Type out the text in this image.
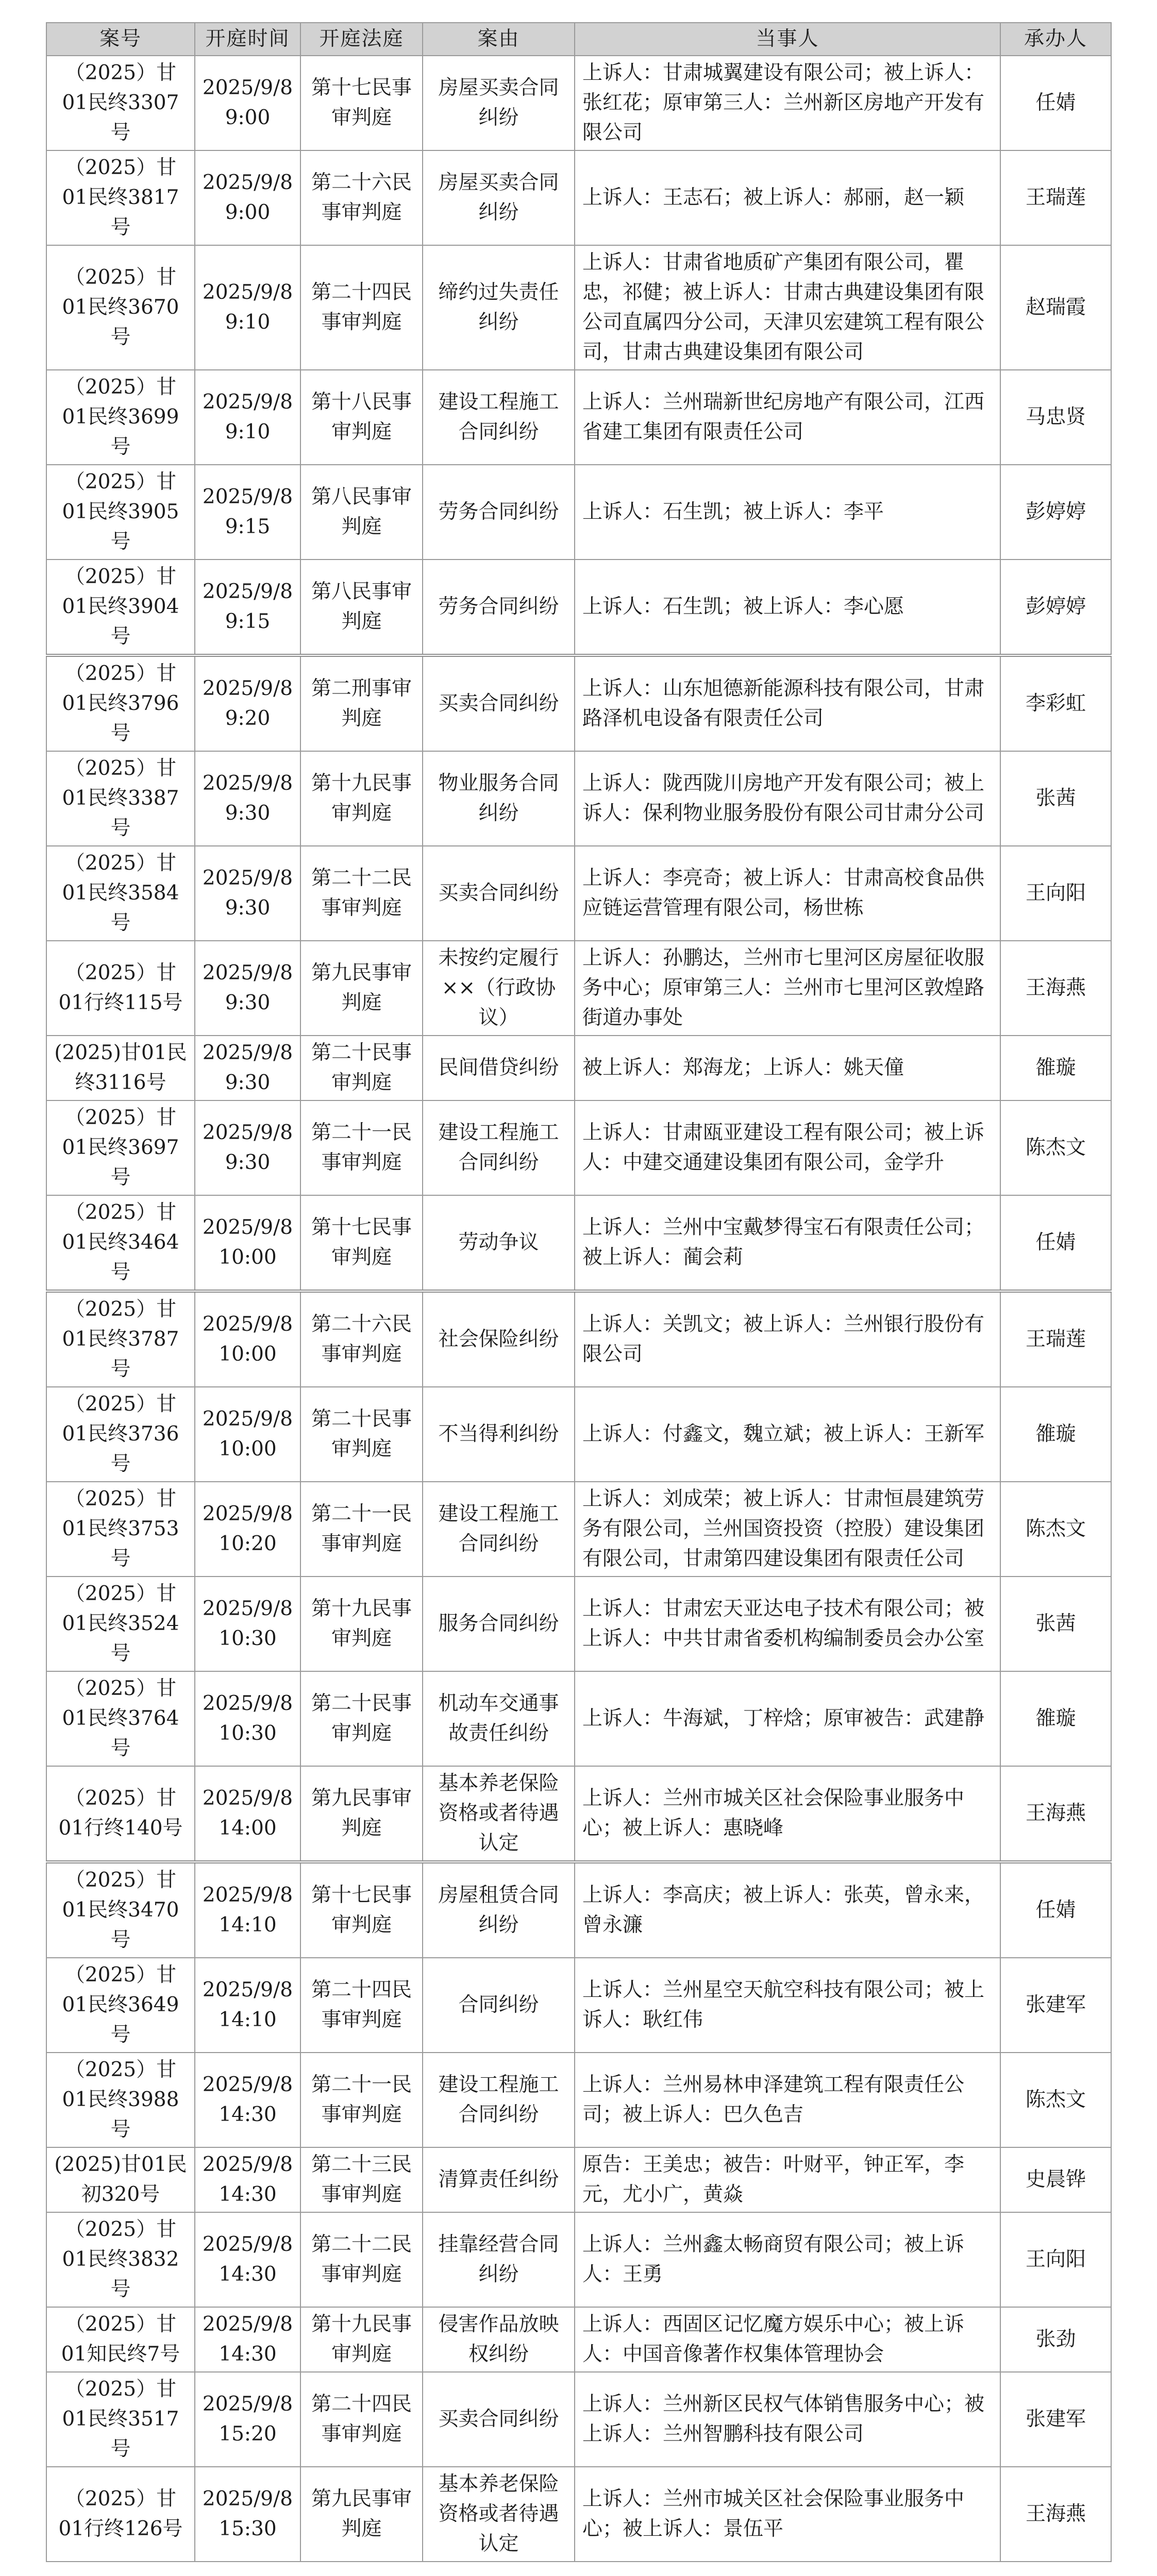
案号	开庭时间	开庭法庭	案由	当事人	承办人
（2025）甘01民终3307号	2025/9/8 9:00	第十七民事审判庭	房屋买卖合同纠纷	上诉人：甘肃城翼建设有限公司；被上诉人：张红花；原审第三人：兰州新区房地产开发有限公司	任婧
（2025）甘01民终3817号	2025/9/8 9:00	第二十六民事审判庭	房屋买卖合同纠纷	上诉人：王志石；被上诉人：郝丽，赵一颖	王瑞莲
（2025）甘01民终3670号	2025/9/8 9:10	第二十四民事审判庭	缔约过失责任纠纷	上诉人：甘肃省地质矿产集团有限公司，瞿忠，祁健；被上诉人：甘肃古典建设集团有限公司直属四分公司，天津贝宏建筑工程有限公司，甘肃古典建设集团有限公司	赵瑞霞
（2025）甘01民终3699号	2025/9/8 9:10	第十八民事审判庭	建设工程施工合同纠纷	上诉人：兰州瑞新世纪房地产有限公司，江西省建工集团有限责任公司	马忠贤
（2025）甘01民终3905号	2025/9/8 9:15	第八民事审判庭	劳务合同纠纷	上诉人：石生凯；被上诉人：李平	彭婷婷
（2025）甘01民终3904号	2025/9/8 9:15	第八民事审判庭	劳务合同纠纷	上诉人：石生凯；被上诉人：李心愿	彭婷婷
（2025）甘01民终3796号	2025/9/8 9:20	第二刑事审判庭	买卖合同纠纷	上诉人：山东旭德新能源科技有限公司，甘肃路泽机电设备有限责任公司	李彩虹
（2025）甘01民终3387号	2025/9/8 9:30	第十九民事审判庭	物业服务合同纠纷	上诉人：陇西陇川房地产开发有限公司；被上诉人：保利物业服务股份有限公司甘肃分公司	张茜
（2025）甘01民终3584号	2025/9/8 9:30	第二十二民事审判庭	买卖合同纠纷	上诉人：李亮奇；被上诉人：甘肃高校食品供应链运营管理有限公司，杨世栋	王向阳
（2025）甘01行终115号	2025/9/8 9:30	第九民事审判庭	未按约定履行××（行政协议）	上诉人：孙鹏达，兰州市七里河区房屋征收服务中心；原审第三人：兰州市七里河区敦煌路街道办事处	王海燕
(2025)甘01民终3116号	2025/9/8 9:30	第二十民事审判庭	民间借贷纠纷	被上诉人：郑海龙；上诉人：姚天僮	雒璇
（2025）甘01民终3697号	2025/9/8 9:30	第二十一民事审判庭	建设工程施工合同纠纷	上诉人：甘肃瓯亚建设工程有限公司；被上诉人：中建交通建设集团有限公司，金学升	陈杰文
（2025）甘01民终3464号	2025/9/8 10:00	第十七民事审判庭	劳动争议	上诉人：兰州中宝戴梦得宝石有限责任公司；被上诉人：蔺会莉	任婧
（2025）甘01民终3787号	2025/9/8 10:00	第二十六民事审判庭	社会保险纠纷	上诉人：关凯文；被上诉人：兰州银行股份有限公司	王瑞莲
（2025）甘01民终3736号	2025/9/8 10:00	第二十民事审判庭	不当得利纠纷	上诉人：付鑫文，魏立斌；被上诉人：王新军	雒璇
（2025）甘01民终3753号	2025/9/8 10:20	第二十一民事审判庭	建设工程施工合同纠纷	上诉人：刘成荣；被上诉人：甘肃恒晨建筑劳务有限公司，兰州国资投资（控股）建设集团有限公司，甘肃第四建设集团有限责任公司	陈杰文
（2025）甘01民终3524号	2025/9/8 10:30	第十九民事审判庭	服务合同纠纷	上诉人：甘肃宏天亚达电子技术有限公司；被上诉人：中共甘肃省委机构编制委员会办公室	张茜
（2025）甘01民终3764号	2025/9/8 10:30	第二十民事审判庭	机动车交通事故责任纠纷	上诉人：牛海斌，丁梓焓；原审被告：武建静	雒璇
（2025）甘01行终140号	2025/9/8 14:00	第九民事审判庭	基本养老保险资格或者待遇认定	上诉人：兰州市城关区社会保险事业服务中心；被上诉人：惠晓峰	王海燕
（2025）甘01民终3470号	2025/9/8 14:10	第十七民事审判庭	房屋租赁合同纠纷	上诉人：李高庆；被上诉人：张英，曾永来，曾永濂	任婧
（2025）甘01民终3649号	2025/9/8 14:10	第二十四民事审判庭	合同纠纷	上诉人：兰州星空天航空科技有限公司；被上诉人：耿红伟	张建军
（2025）甘01民终3988号	2025/9/8 14:30	第二十一民事审判庭	建设工程施工合同纠纷	上诉人：兰州易林申泽建筑工程有限责任公司；被上诉人：巴久色吉	陈杰文
(2025)甘01民初320号	2025/9/8 14:30	第二十三民事审判庭	清算责任纠纷	原告：王美忠；被告：叶财平，钟正军，李元，尤小广，黄焱	史晨铧
（2025）甘01民终3832号	2025/9/8 14:30	第二十二民事审判庭	挂靠经营合同纠纷	上诉人：兰州鑫太畅商贸有限公司；被上诉人：王勇	王向阳
（2025）甘01知民终7号	2025/9/8 14:30	第十九民事审判庭	侵害作品放映权纠纷	上诉人：西固区记忆魔方娱乐中心；被上诉人：中国音像著作权集体管理协会	张劲
（2025）甘01民终3517号	2025/9/8 15:20	第二十四民事审判庭	买卖合同纠纷	上诉人：兰州新区民权气体销售服务中心；被上诉人：兰州智鹏科技有限公司	张建军
（2025）甘01行终126号	2025/9/8 15:30	第九民事审判庭	基本养老保险资格或者待遇认定	上诉人：兰州市城关区社会保险事业服务中心；被上诉人：景伍平	王海燕
